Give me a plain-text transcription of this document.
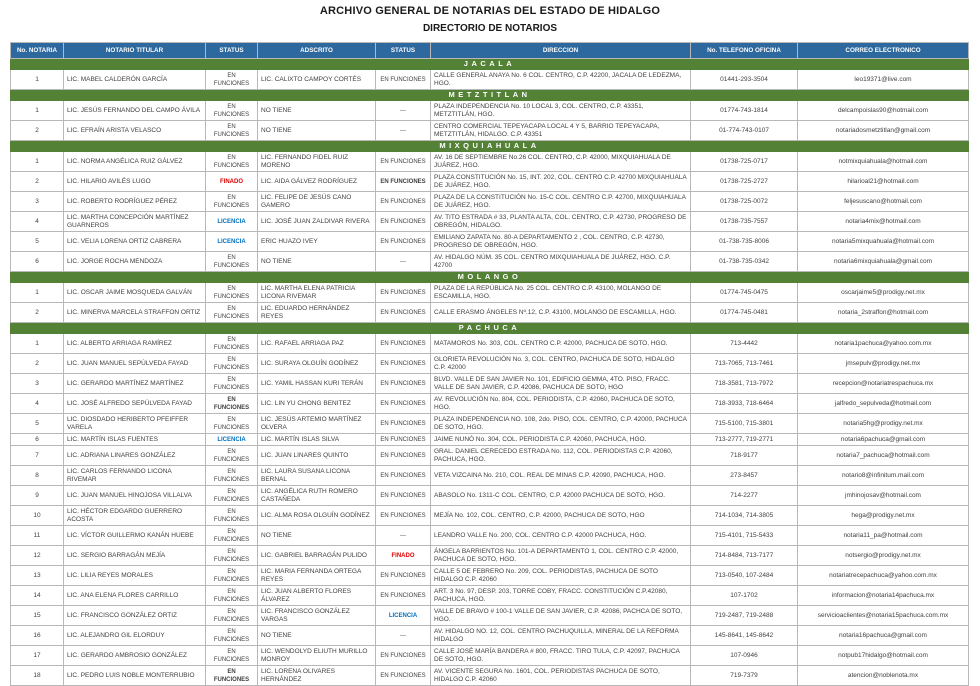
ARCHIVO GENERAL DE NOTARIAS DEL ESTADO DE HIDALGO
DIRECTORIO DE NOTARIOS
No. NOTARIA	NOTARIO TITULAR	STATUS	ADSCRITO	STATUS	DIRECCION	No. TELEFONO OFICINA	CORREO ELECTRONICO
JACALA							
1	LIC. MABEL CALDERÓN GARCÍA	EN FUNCIONES	LIC. CALIXTO CAMPOY CORTÉS	EN FUNCIONES	CALLE GENERAL ANAYA No. 6 COL. CENTRO, C.P. 42200, JACALA DE LEDEZMA, HGO.	01441-293-3504	leo19371@live.com
METZTITLAN							
1	LIC. JESÚS FERNANDO DEL CAMPO ÁVILA	EN FUNCIONES	NO TIENE	—	PLAZA INDEPENDENCIA No. 10 LOCAL 3, COL. CENTRO, C.P. 43351, METZTITLÁN, HGO.	01774-743-1814	delcampoislas90@hotmail.com
2	LIC. EFRAÍN ARISTA VELASCO	EN FUNCIONES	NO TIENE	—	CENTRO COMERCIAL TEPEYACAPA LOCAL 4 Y 5, BARRIO TEPEYACAPA, METZTITLÁN, HIDALGO. C.P. 43351	01-774-743-0107	notariadosmetztitlan@gmail.com
MIXQUIAHUALA							
1	LIC. NORMA ANGÉLICA RUIZ GÁLVEZ	EN FUNCIONES	LIC. FERNANDO FIDEL RUIZ MORENO	EN FUNCIONES	AV. 16 DE SEPTIEMBRE No.26 COL. CENTRO, C.P. 42000, MIXQUIAHUALA DE JUÁREZ, HGO.	01738-725-0717	notmixquiahuala@hotmail.com
2	LIC. HILARIO AVILÉS LUGO	FINADO	LIC. AIDA GÁLVEZ RODRÍGUEZ	EN FUNCIONES	PLAZA CONSTITUCIÓN No. 15, INT. 202, COL. CENTRO C.P. 42700 MIXQUIAHUALA DE JUÁREZ, HGO.	01738-725-2727	hilarioal21@hotmail.com
3	LIC. ROBERTO RODRÍGUEZ PÉREZ	EN FUNCIONES	LIC. FELIPE DE JESÚS CANO GAMERO	EN FUNCIONES	PLAZA DE LA CONSTITUCIÓN No. 15-C COL. CENTRO C.P. 42700, MIXQUIAHUALA DE JUÁREZ, HGO.	01738-725-0072	feljesuscano@hotmail.com
4	LIC. MARTHA CONCEPCIÓN MARTÍNEZ GUARNEROS	LICENCIA	LIC. JOSÉ JUAN ZALDIVAR RIVERA	EN FUNCIONES	AV. TITO ESTRADA # 33, PLANTA ALTA, COL. CENTRO, C.P. 42730, PROGRESO DE OBREGÓN, HIDALGO.	01738-735-7557	notaria4mix@hotmail.com
5	LIC. VELIA LORENA ORTIZ CABRERA	LICENCIA	ERIC HUAZO IVEY	EN FUNCIONES	EMILIANO ZAPATA No. 80-A DEPARTAMENTO 2 , COL. CENTRO, C.P. 42730, PROGRESO DE OBREGÓN, HGO.	01-738-735-8006	notaria5mixquahuala@hotmail.com
6	LIC. JORGE ROCHA MENDOZA	EN FUNCIONES	NO TIENE	—	AV. HIDALGO NÚM. 35 COL. CENTRO MIXQUIAHUALA DE JUÁREZ, HGO. C.P. 42700	01-738-735-0342	notaria6mixquiahuala@gmail.com
MOLANGO							
1	LIC. OSCAR JAIME MOSQUEDA GALVÁN	EN FUNCIONES	LIC. MARTHA ELENA PATRICIA LICONA RIVEMAR	EN FUNCIONES	PLAZA DE LA REPÚBLICA No. 25 COL. CENTRO C.P. 43100, MOLANGO DE ESCAMILLA, HGO.	01774-745-0475	oscarjaime5@prodigy.net.mx
2	LIC. MINERVA MARCELA STRAFFON ORTIZ	EN FUNCIONES	LIC. EDUARDO HERNÁNDEZ REYES	EN FUNCIONES	CALLE ERASMO ÁNGELES Nº.12, C.P. 43100, MOLANGO DE ESCAMILLA, HGO.	01774-745-0481	notaria_2straffon@hotmail.com
PACHUCA							
1	LIC. ALBERTO ARRIAGA RAMÍREZ	EN FUNCIONES	LIC. RAFAEL ARRIAGA PAZ	EN FUNCIONES	MATAMOROS No. 303, COL. CENTRO C.P. 42000, PACHUCA DE SOTO, HGO.	713-4442	notaria1pachuca@yahoo.com.mx
2	LIC. JUAN MANUEL SEPÚLVEDA FAYAD	EN FUNCIONES	LIC. SURAYA OLGUÍN GODÍNEZ	EN FUNCIONES	GLORIETA REVOLUCIÓN No. 3, COL. CENTRO, PACHUCA DE SOTO, HIDALGO C.P. 42000	713-7065, 713-7461	jmsepulv@prodigy.net.mx
3	LIC. GERARDO MARTÍNEZ MARTÍNEZ	EN FUNCIONES	LIC. YAMIL HASSAN KURI TERÁN	EN FUNCIONES	BLVD. VALLE DE SAN JAVIER No. 101, EDIFICIO GEMMA, 4TO. PISO, FRACC. VALLE DE SAN JAVIER, C.P. 42086, PACHUCA DE SOTO, HGO	718-3581, 713-7972	recepcion@notariatrespachuca.mx
4	LIC. JOSÉ ALFREDO SEPÚLVEDA FAYAD	EN FUNCIONES	LIC. LIN YU CHONG BENITEZ	EN FUNCIONES	AV. REVOLUCIÓN No. 804, COL. PERIODISTA, C.P. 42060, PACHUCA DE SOTO, HGO.	718-3933, 718-6464	jalfredo_sepulveda@hotmail.com
5	LIC. DIOSDADO HERIBERTO PFEIFFER VARELA	EN FUNCIONES	LIC. JESÚS ARTEMIO MARTÍNEZ OLVERA	EN FUNCIONES	PLAZA INDEPENDENCIA NO. 108, 2do. PISO, COL. CENTRO, C.P. 42000, PACHUCA DE SOTO, HGO.	715-5100, 715-3801	notaria5hg@prodigy.net.mx
6	LIC. MARTÍN ISLAS FUENTES	LICENCIA	LIC. MARTÍN ISLAS SILVA	EN FUNCIONES	JAIME NUNÓ No. 304, COL. PERIODISTA C.P. 42060, PACHUCA, HGO.	713-2777, 719-2771	notaria6pachuca@gmail.com
7	LIC. ADRIANA LINARES GONZÁLEZ	EN FUNCIONES	LIC. JUAN LINARES QUINTO	EN FUNCIONES	GRAL. DANIEL CERECEDO ESTRADA No. 112, COL. PERIODISTAS C.P. 42060, PACHUCA, HGO.	718-9177	notaria7_pachuca@hotmail.com
8	LIC. CARLOS FERNANDO LICONA RIVEMAR	EN FUNCIONES	LIC. LAURA SUSANA LICONA BERNAL	EN FUNCIONES	VETA VIZCAINA No. 210, COL. REAL DE MINAS C.P. 42090, PACHUCA, HGO.	273-8457	notario8@infinitum.mail.com
9	LIC. JUAN MANUEL HINOJOSA VILLALVA	EN FUNCIONES	LIC. ANGÉLICA RUTH ROMERO CASTAÑEDA	EN FUNCIONES	ABASOLO No. 1311-C COL. CENTRO, C.P. 42000 PACHUCA DE SOTO, HGO.	714-2277	jmhinojosav@hotmail.com
10	LIC. HÉCTOR EDGARDO GUERRERO ACOSTA	EN FUNCIONES	LIC. ALMA ROSA OLGUÍN GODÍNEZ	EN FUNCIONES	MEJÍA No. 102, COL. CENTRO, C.P. 42000, PACHUCA DE SOTO, HGO	714-1034, 714-3805	hega@prodigy.net.mx
11	LIC. VÍCTOR GUILLERMO KANÁN HUEBE	EN FUNCIONES	NO TIENE	—	LEANDRO VALLE No. 200, COL. CENTRO C.P. 42000 PACHUCA, HGO.	715-4101, 715-5433	notaria11_pa@hotmail.com
12	LIC. SERGIO BARRAGÁN MEJÍA	EN FUNCIONES	LIC. GABRIEL BARRAGÁN PULIDO	FINADO	ÁNGELA BARRIENTOS No. 101-A DEPARTAMENTO 1, COL. CENTRO C.P. 42000, PACHUCA DE SOTO, HGO.	714-8484, 713-7177	notsergio@prodigy.net.mx
13	LIC. LILIA REYES MORALES	EN FUNCIONES	LIC. MARIA FERNANDA ORTEGA REYES	EN FUNCIONES	CALLE 5 DE FEBRERO No. 209, COL. PERIODISTAS, PACHUCA DE SOTO HIDALGO C.P. 42060	713-0540, 107-2484	notariatrecepachuca@yahoo.com.mx
14	LIC. ANA ELENA FLORES CARRILLO	EN FUNCIONES	LIC. JUAN ALBERTO FLORES ÁLVAREZ	EN FUNCIONES	ART. 3 No. 97, DESP. 203, TORRE COBY, FRACC. CONSTITUCIÓN C.P.42080, PACHUCA, HGO.	107-1702	informacion@notaria14pachuca.mx
15	LIC. FRANCISCO GONZÁLEZ ORTIZ	EN FUNCIONES	LIC. FRANCISCO GONZÁLEZ VARGAS	LICENCIA	VALLE DE BRAVO # 100-1 VALLE DE SAN JAVIER, C.P. 42086, PACHCA DE SOTO, HGO.	719-2487, 719-2488	servicioaclientes@notaria15pachuca.com.mx
16	LIC. ALEJANDRO GIL ELORDUY	EN FUNCIONES	NO TIENE	—	AV. HIDALGO NO. 12, COL. CENTRO PACHUQUILLA, MINERAL DE LA REFORMA HIDALGO	145-8641, 145-8642	notaria16pachuca@gmail.com
17	LIC. GERARDO AMBROSIO GONZÁLEZ	EN FUNCIONES	LIC. WENDOLYD ELIUTH MURILLO MONROY	EN FUNCIONES	CALLE JOSÉ MARÍA BANDERA # 800, FRACC. TIRO TULA, C.P. 42097, PACHUCA DE SOTO, HGO.	107-0946	notpub17hidalgo@hotmail.com
18	LIC. PEDRO LUIS NOBLE MONTERRUBIO	EN FUNCIONES	LIC. LORENA OLIVARES HERNÁNDEZ	EN FUNCIONES	AV. VICENTE SEGURA No. 1601, COL. PERIODISTAS PACHUCA DE SOTO, HIDALGO C.P. 42060	719-7379	atencion@noblenota.mx
